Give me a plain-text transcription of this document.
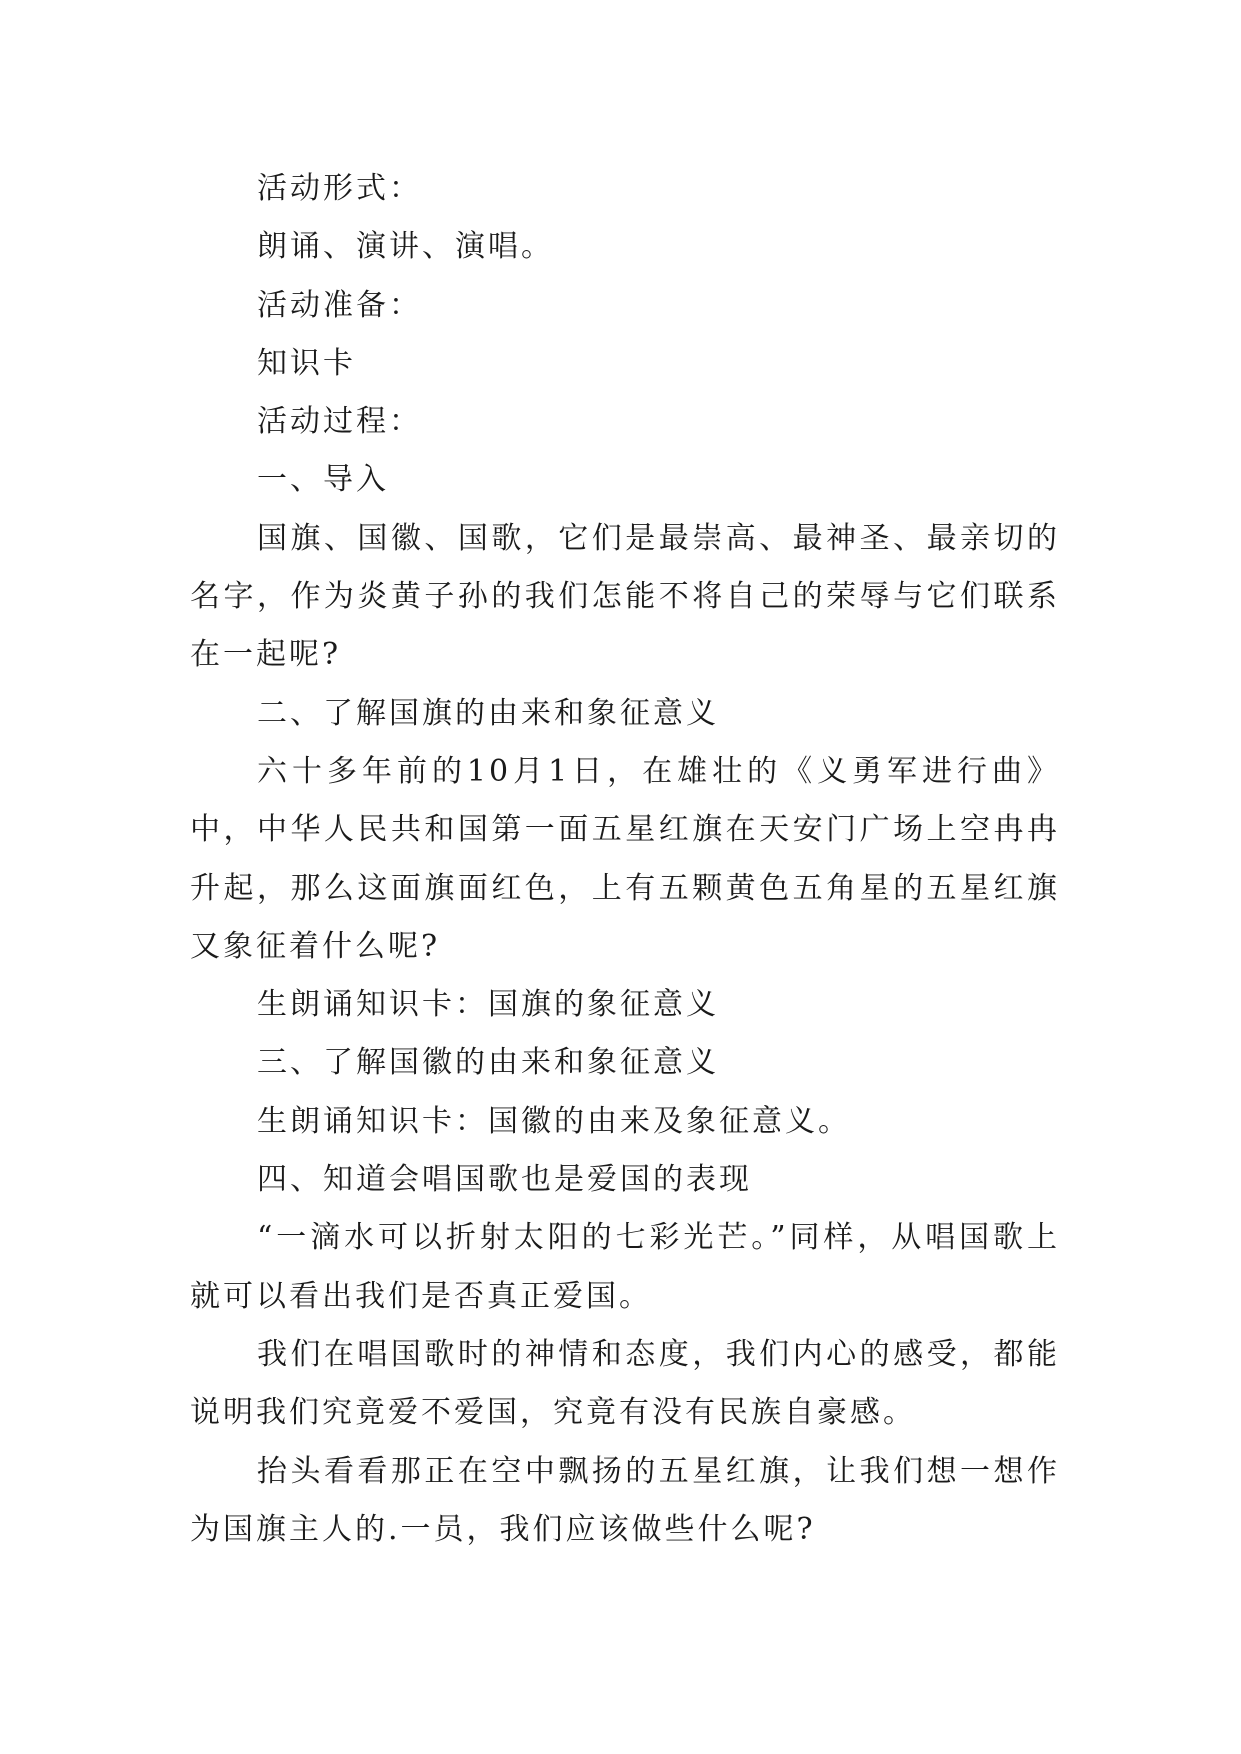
活动形式：

朗诵、演讲、演唱。

活动准备：

知识卡

活动过程：

一、导入

国旗、国徽、国歌，它们是最崇高、最神圣、最亲切的名字，作为炎黄子孙的我们怎能不将自己的荣辱与它们联系在一起呢?

二、了解国旗的由来和象征意义

六十多年前的10月1日，在雄壮的《义勇军进行曲》中，中华人民共和国第一面五星红旗在天安门广场上空冉冉升起，那么这面旗面红色，上有五颗黄色五角星的五星红旗又象征着什么呢?

生朗诵知识卡：国旗的象征意义

三、了解国徽的由来和象征意义

生朗诵知识卡：国徽的由来及象征意义。

四、知道会唱国歌也是爱国的表现

“一滴水可以折射太阳的七彩光芒。”同样，从唱国歌上就可以看出我们是否真正爱国。

我们在唱国歌时的神情和态度，我们内心的感受，都能说明我们究竟爱不爱国，究竟有没有民族自豪感。

抬头看看那正在空中飘扬的五星红旗，让我们想一想作为国旗主人的.一员，我们应该做些什么呢?
